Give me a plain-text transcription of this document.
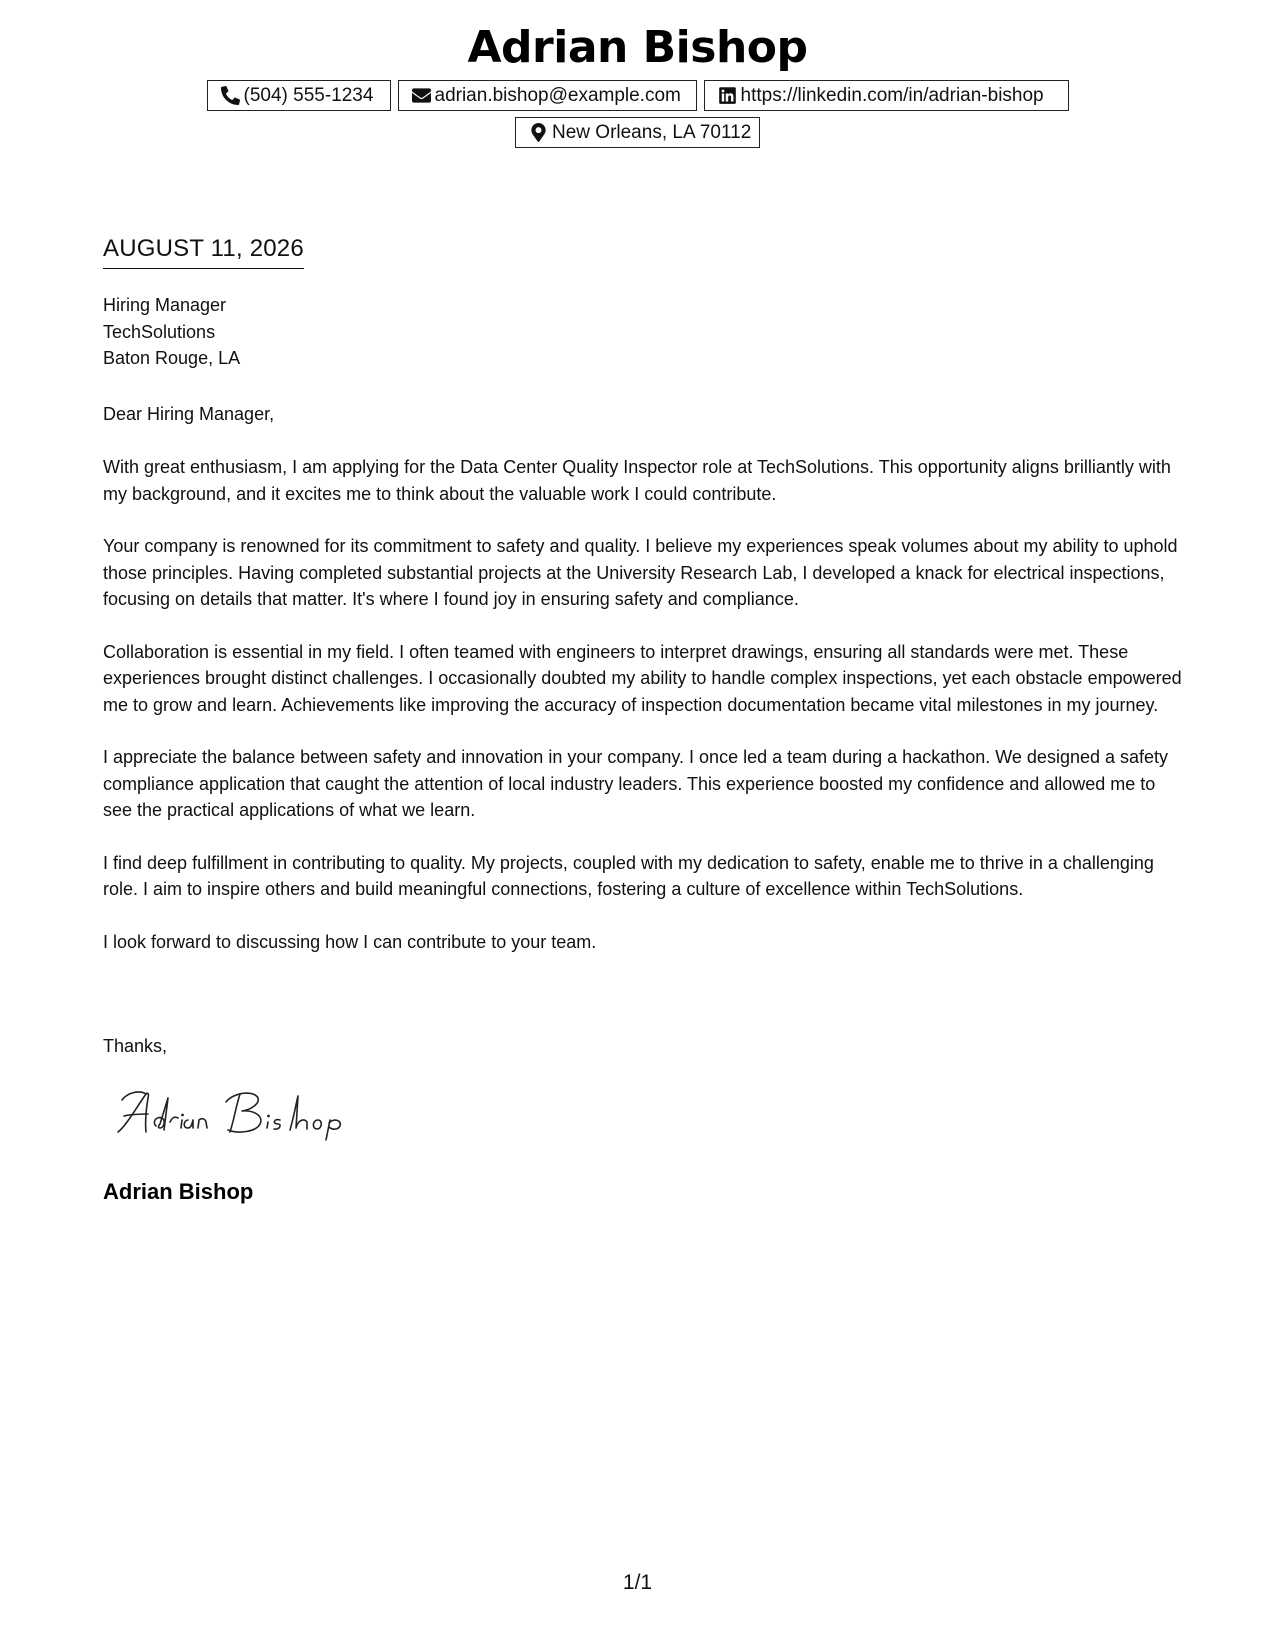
Adrian Bishop
(504) 555-1234	adrian.bishop@example.com	https://linkedin.com/in/adrian-bishop
New Orleans, LA 70112
AUGUST 11, 2026
Hiring Manager
TechSolutions
Baton Rouge, LA
Dear Hiring Manager,

With great enthusiasm, I am applying for the Data Center Quality Inspector role at TechSolutions. This opportunity aligns brilliantly with my background, and it excites me to think about the valuable work I could contribute.

Your company is renowned for its commitment to safety and quality. I believe my experiences speak volumes about my ability to uphold those principles. Having completed substantial projects at the University Research Lab, I developed a knack for electrical inspections, focusing on details that matter. It's where I found joy in ensuring safety and compliance.

Collaboration is essential in my field. I often teamed with engineers to interpret drawings, ensuring all standards were met. These experiences brought distinct challenges. I occasionally doubted my ability to handle complex inspections, yet each obstacle empowered me to grow and learn. Achievements like improving the accuracy of inspection documentation became vital milestones in my journey.

I appreciate the balance between safety and innovation in your company. I once led a team during a hackathon. We designed a safety compliance application that caught the attention of local industry leaders. This experience boosted my confidence and allowed me to see the practical applications of what we learn.

I find deep fulfillment in contributing to quality. My projects, coupled with my dedication to safety, enable me to thrive in a challenging role. I aim to inspire others and build meaningful connections, fostering a culture of excellence within TechSolutions.

I look forward to discussing how I can contribute to your team.

Thanks,
Adrian Bishop
1/1
